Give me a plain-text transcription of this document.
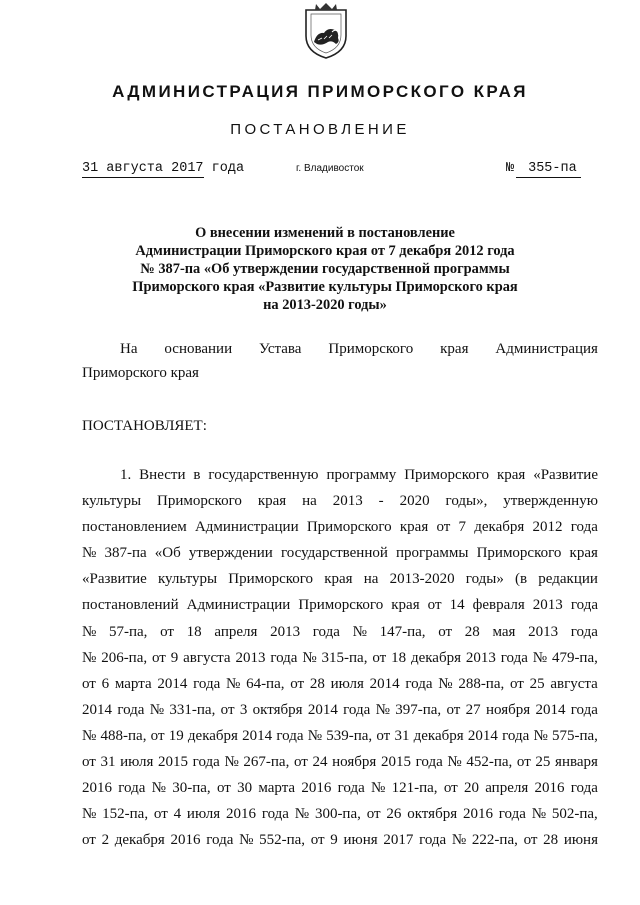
АДМИНИСТРАЦИЯ ПРИМОРСКОГО КРАЯ
ПОСТАНОВЛЕНИЕ
31 августа 2017 года	г. Владивосток	№ 355-па
О внесении изменений в постановление
Администрации Приморского края от 7 декабря 2012 года
№ 387-па «Об утверждении государственной программы
Приморского края «Развитие культуры Приморского края
на 2013-2020 годы»
На основании Устава Приморского края Администрация
Приморского края
ПОСТАНОВЛЯЕТ:
1. Внести в государственную программу Приморского края «Развитие
культуры Приморского края на 2013 - 2020 годы», утвержденную
постановлением Администрации Приморского края от 7 декабря 2012 года
№ 387-па «Об утверждении государственной программы Приморского края
«Развитие культуры Приморского края на 2013-2020 годы» (в редакции
постановлений Администрации Приморского края от 14 февраля 2013 года
№ 57-па, от 18 апреля 2013 года № 147-па, от 28 мая 2013 года
№ 206-па, от 9 августа 2013 года № 315-па, от 18 декабря 2013 года № 479-па,
от 6 марта 2014 года № 64-па, от 28 июля 2014 года № 288-па, от 25 августа
2014 года № 331-па, от 3 октября 2014 года № 397-па, от 27 ноября 2014 года
№ 488-па, от 19 декабря 2014 года № 539-па, от 31 декабря 2014 года № 575-па,
от 31 июля 2015 года № 267-па, от 24 ноября 2015 года № 452-па, от 25 января
2016 года № 30-па, от 30 марта 2016 года № 121-па, от 20 апреля 2016 года
№ 152-па, от 4 июля 2016 года № 300-па, от 26 октября 2016 года № 502-па,
от 2 декабря 2016 года № 552-па, от 9 июня 2017 года № 222-па, от 28 июня
